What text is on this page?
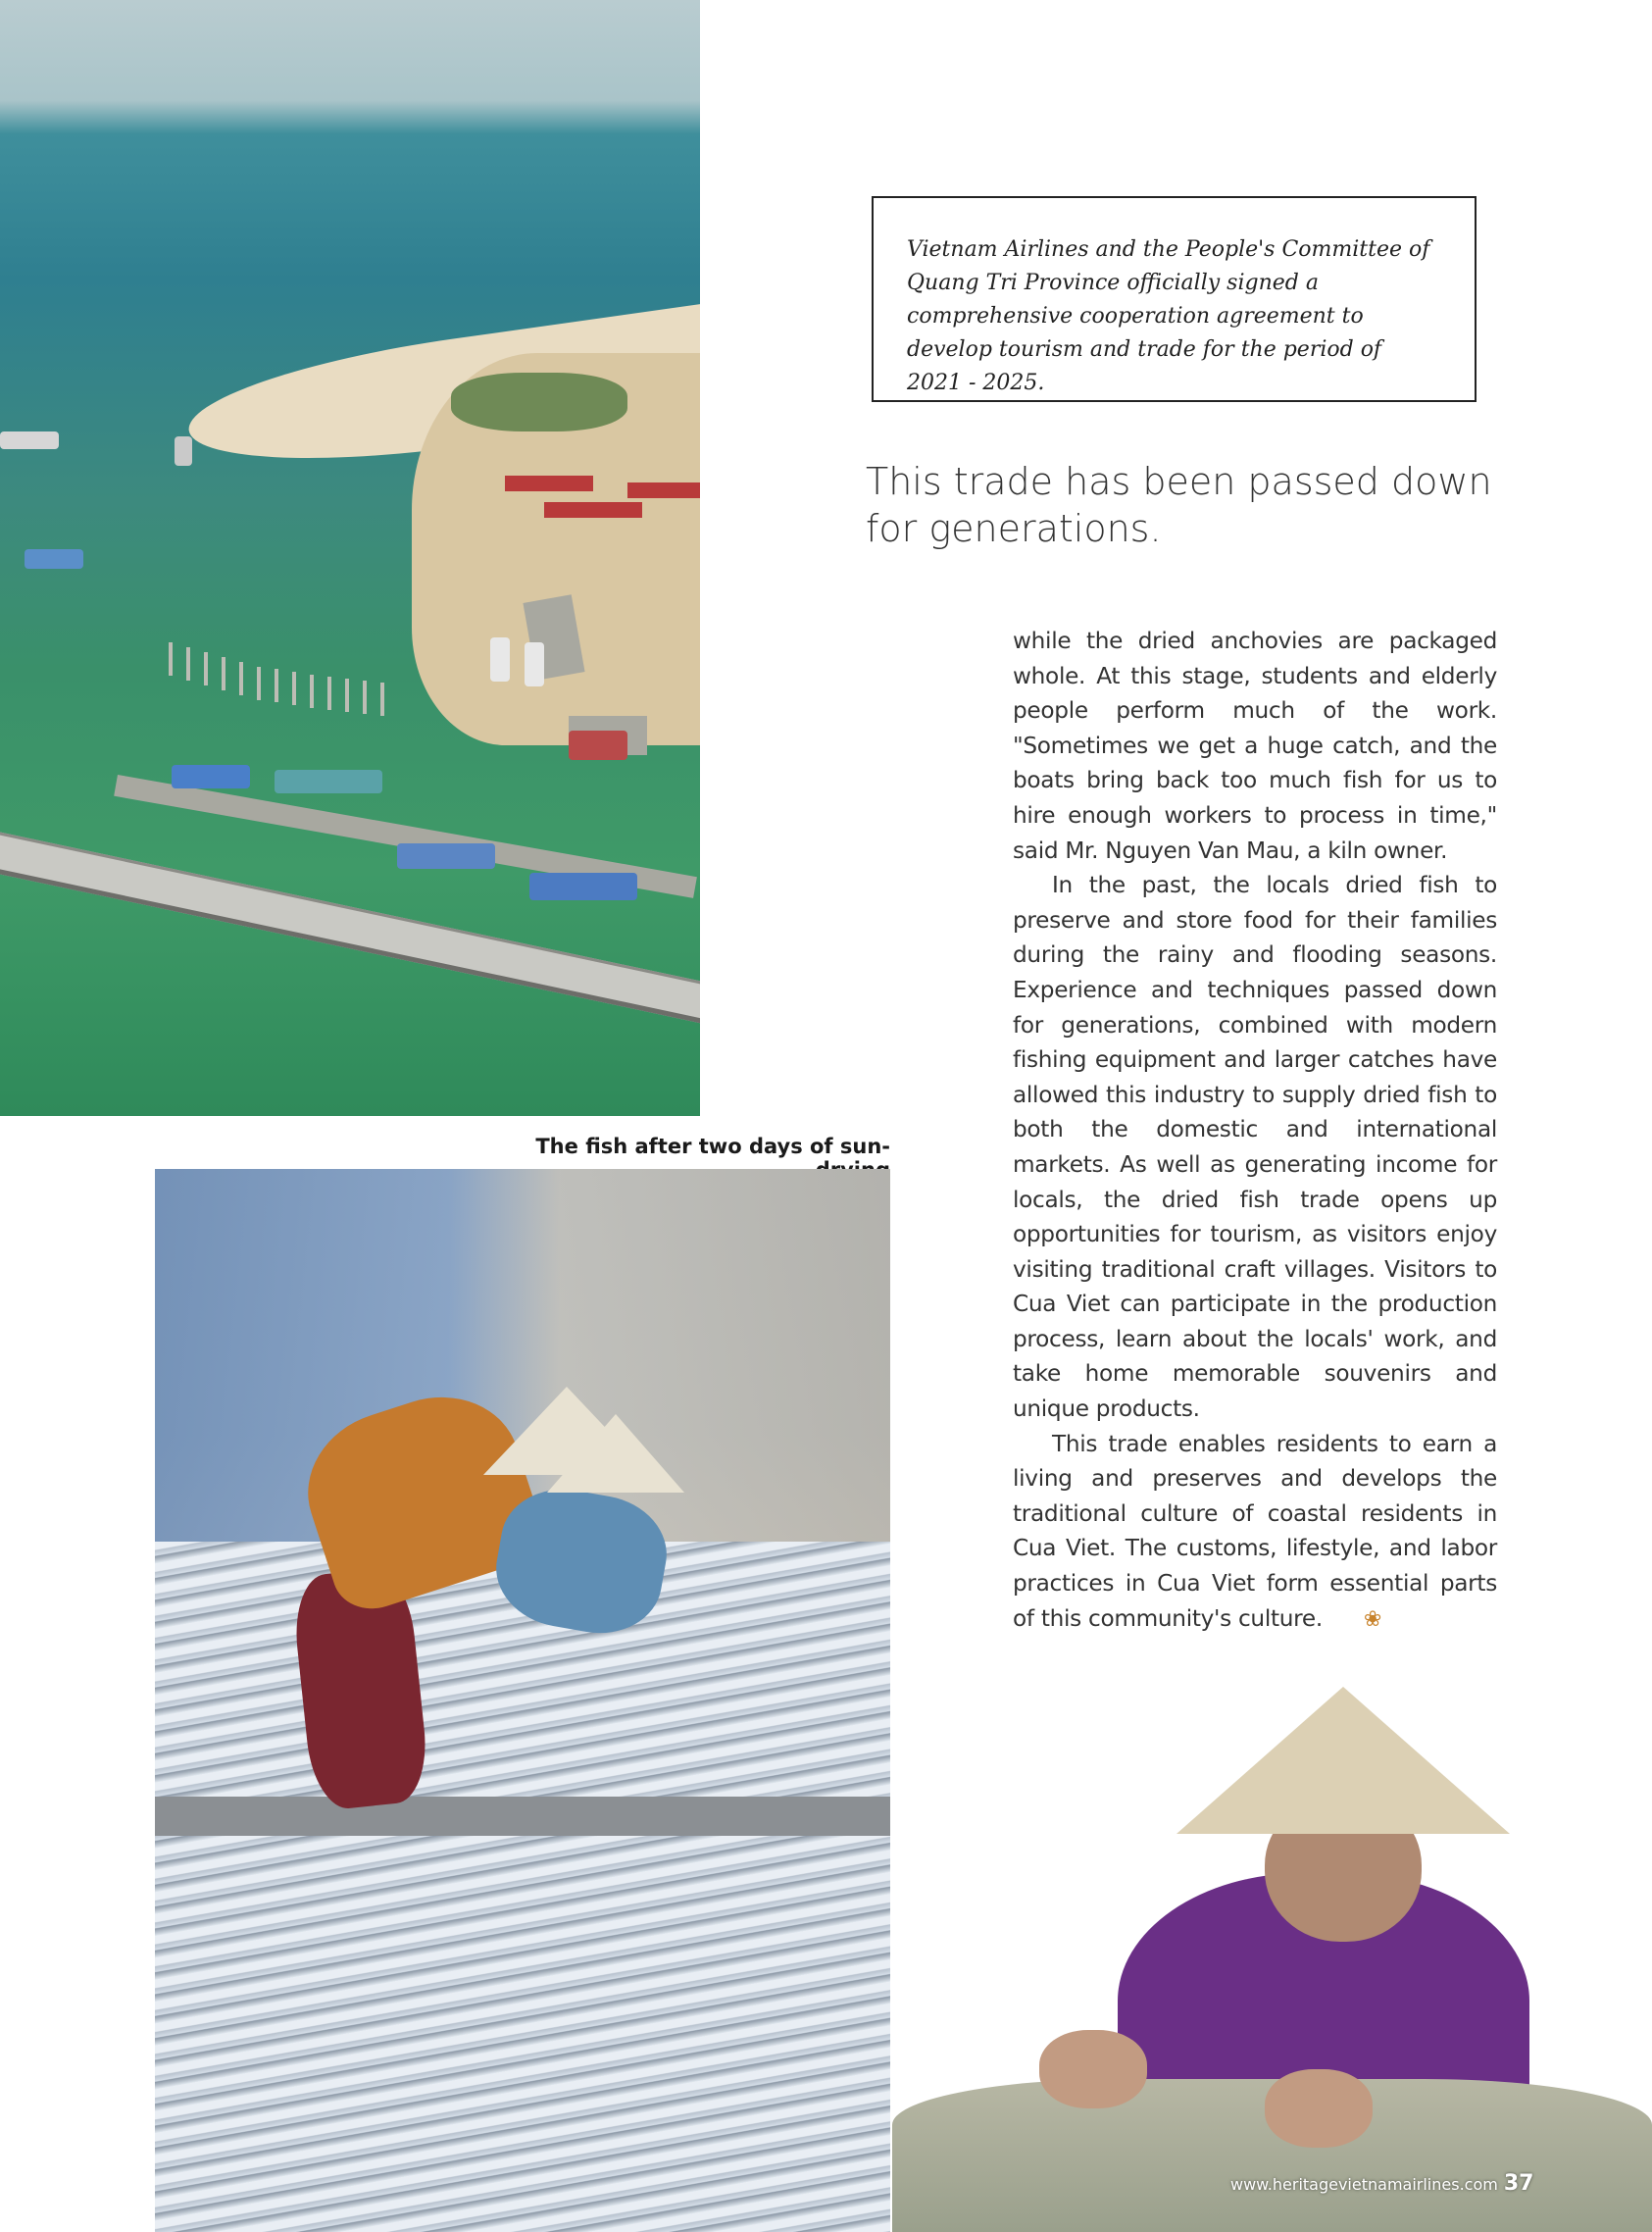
The fish after two days of sun-
Vietnam Airlines and the People's Committee of Quang Tri Province officially signed a comprehensive cooperation agreement to develop tourism and trade for the period of 2021 - 2025.
This trade has been passed down for generations.

while the dried anchovies are packaged whole. At this stage, students and elderly people perform much of the work. "Sometimes we get a huge catch, and the boats bring back too much fish for us to hire enough workers to process in time," said Mr. Nguyen Van Mau, a kiln owner.

In the past, the locals dried fish to preserve and store food for their families during the rainy and flooding seasons. Experience and techniques passed down for generations, combined with modern fishing equipment and larger catches have allowed this industry to supply dried fish to both the domestic and international markets. As well as generating income for locals, the dried fish trade opens up opportunities for tourism, as visitors enjoy visiting traditional craft villages. Visitors to Cua Viet can participate in the production process, learn about the locals' work, and take home memorable souvenirs and unique products.

This trade enables residents to earn a living and preserves and develops the traditional culture of coastal residents in Cua Viet. The customs, lifestyle, and labor practices in Cua Viet form essential parts of this community's culture. ❀

www.heritagevietnamairlines.com 37
